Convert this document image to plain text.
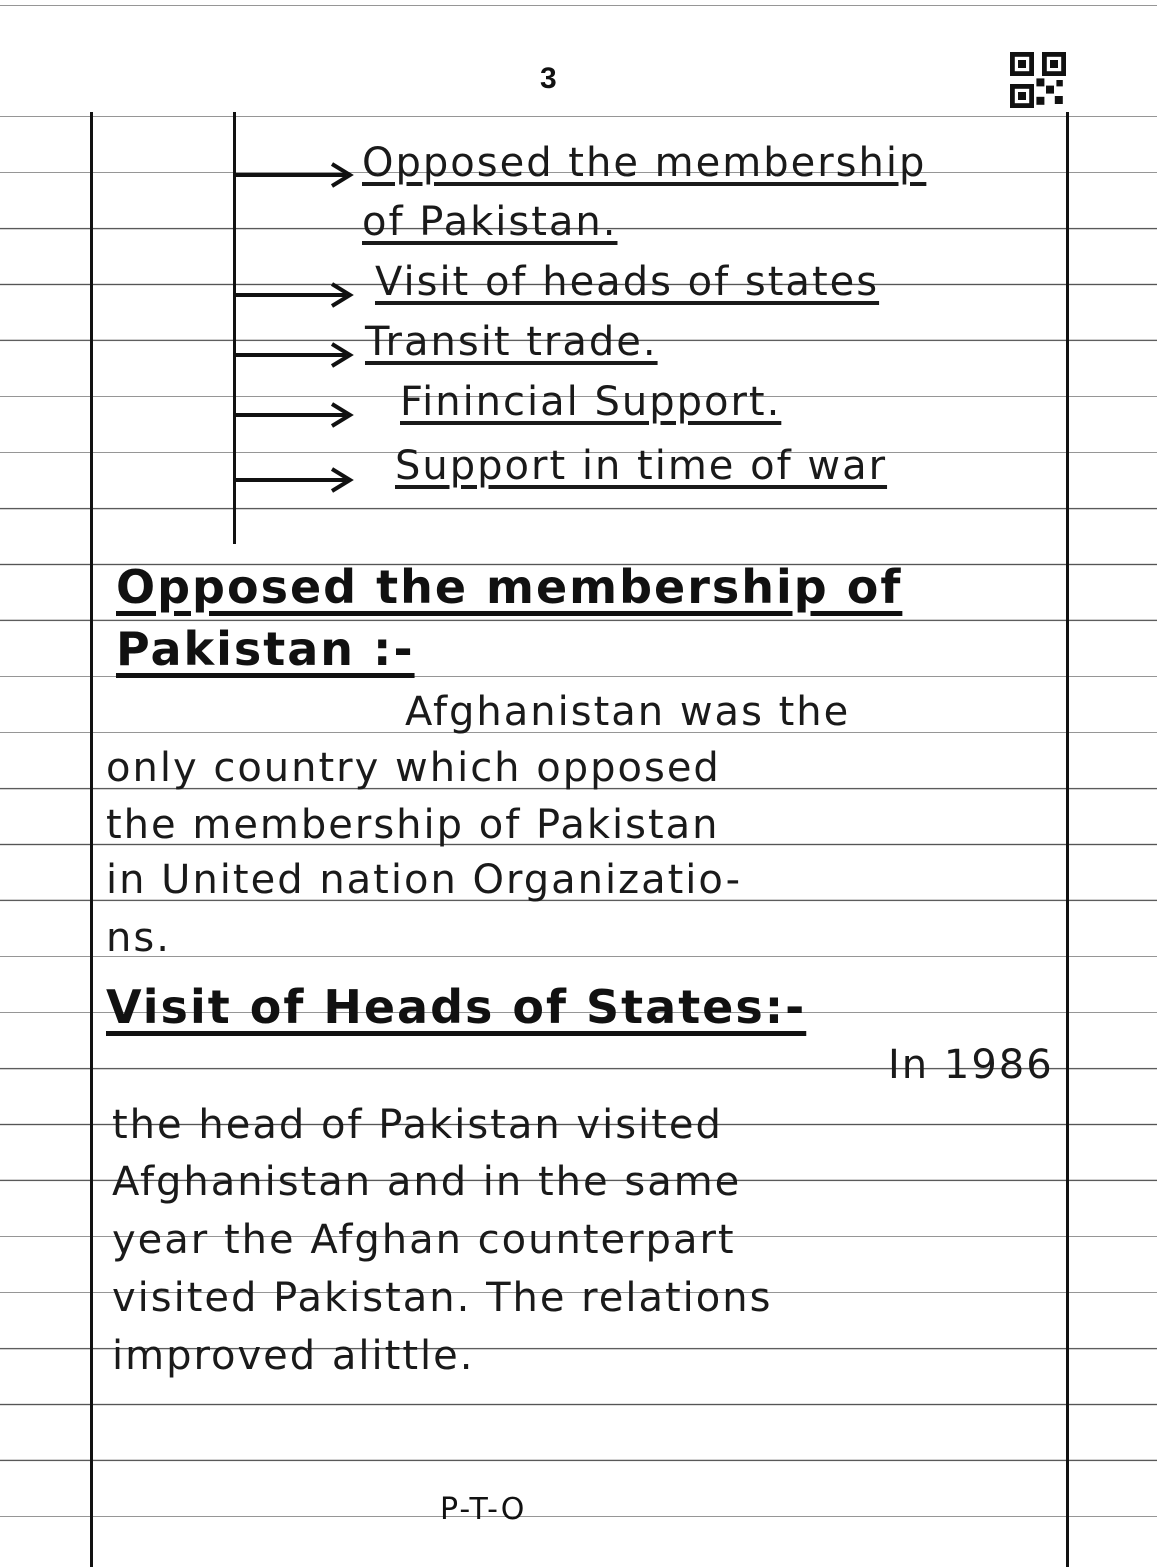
3
Opposed the membership
of Pakistan.
Visit of heads of states
Transit trade.
Finincial Support.
Support in time of war
Opposed the membership of
Pakistan :-
Afghanistan was the
only country which opposed
the membership of Pakistan
in United nation Organizatio-
ns.
Visit of Heads of States:-
In 1986
the head of Pakistan visited
Afghanistan and in the same
year the Afghan counterpart
visited Pakistan. The relations
improved alittle.
P-T-O
